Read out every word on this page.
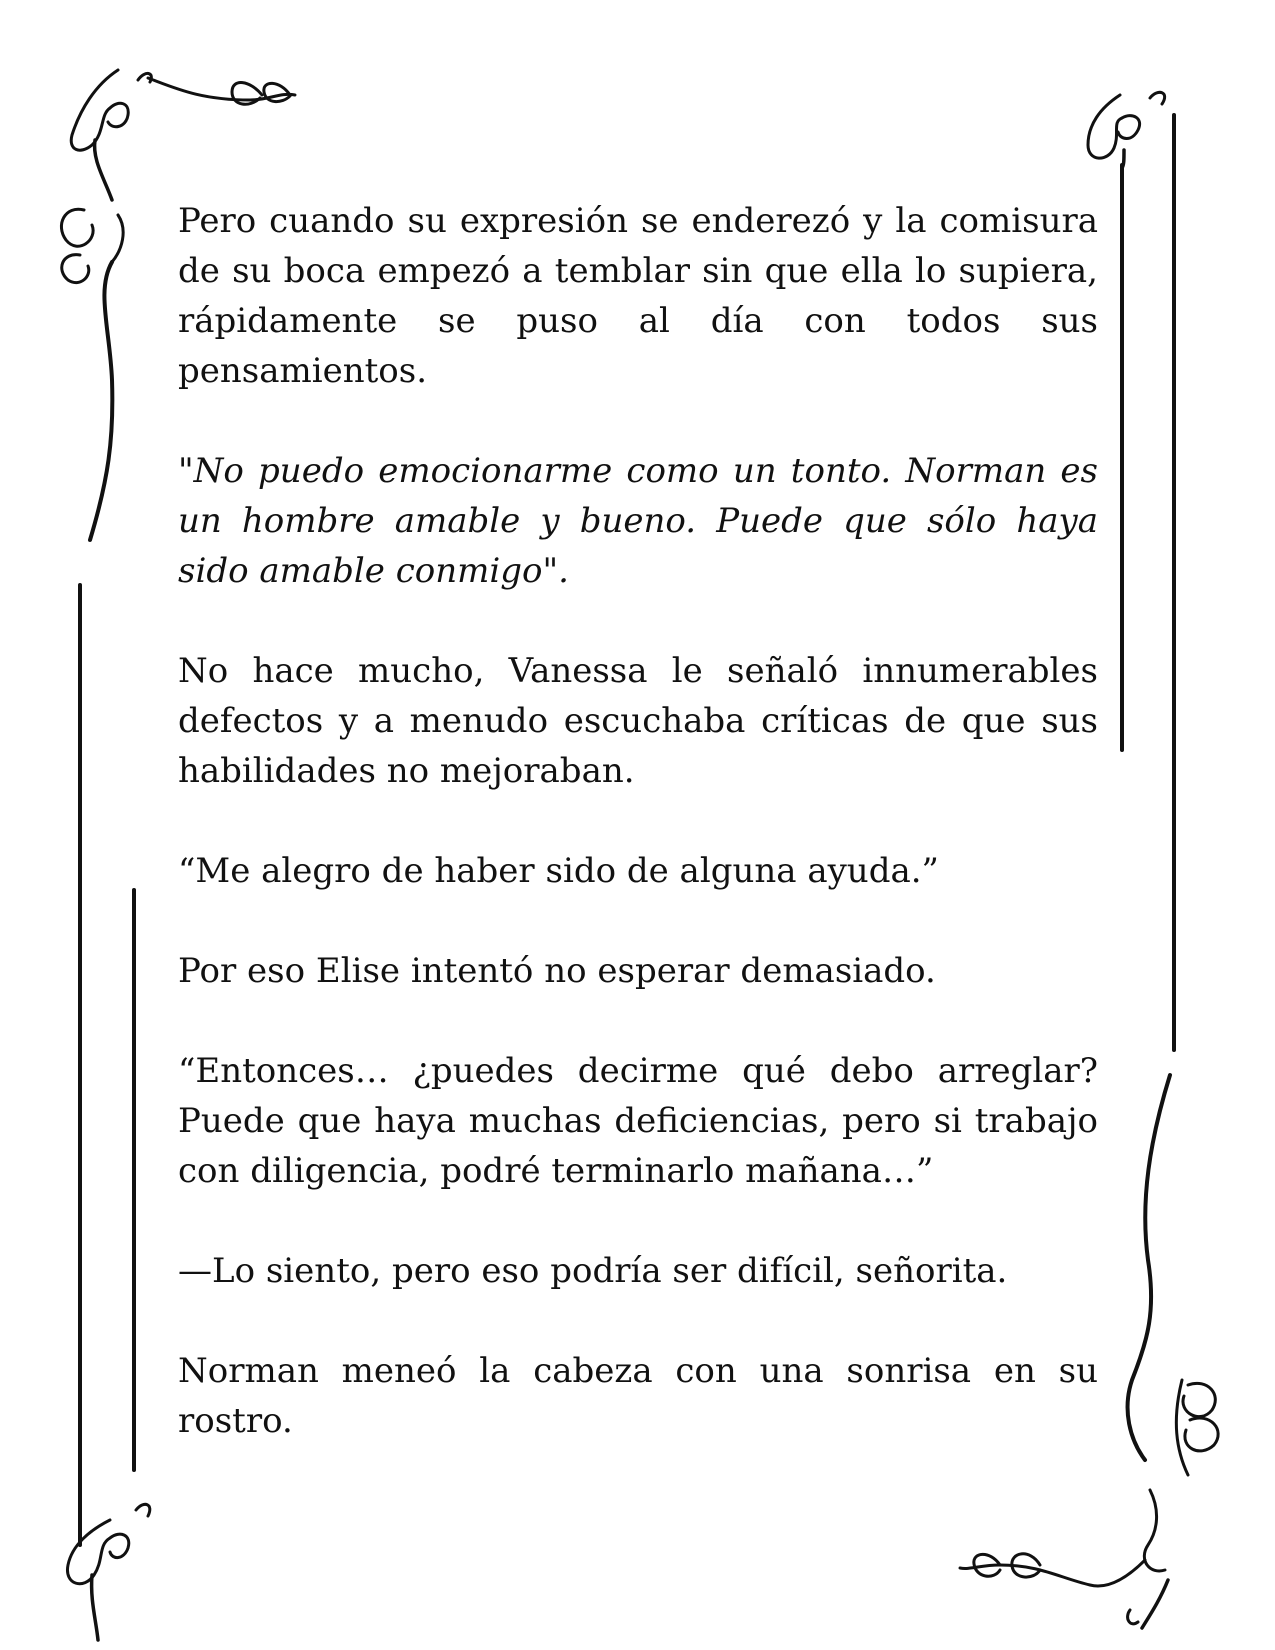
Pero cuando su expresión se enderezó y la comisura de su boca empezó a temblar sin que ella lo supiera, rápidamente se puso al día con todos sus pensamientos.

"No puedo emocionarme como un tonto. Norman es un hombre amable y bueno. Puede que sólo haya sido amable conmigo".

No hace mucho, Vanessa le señaló innumerables defectos y a menudo escuchaba críticas de que sus habilidades no mejoraban.

“Me alegro de haber sido de alguna ayuda.”

Por eso Elise intentó no esperar demasiado.

“Entonces… ¿puedes decirme qué debo arreglar? Puede que haya muchas deficiencias, pero si trabajo con diligencia, podré terminarlo mañana…”

—Lo siento, pero eso podría ser difícil, señorita.

Norman meneó la cabeza con una sonrisa en su rostro.
